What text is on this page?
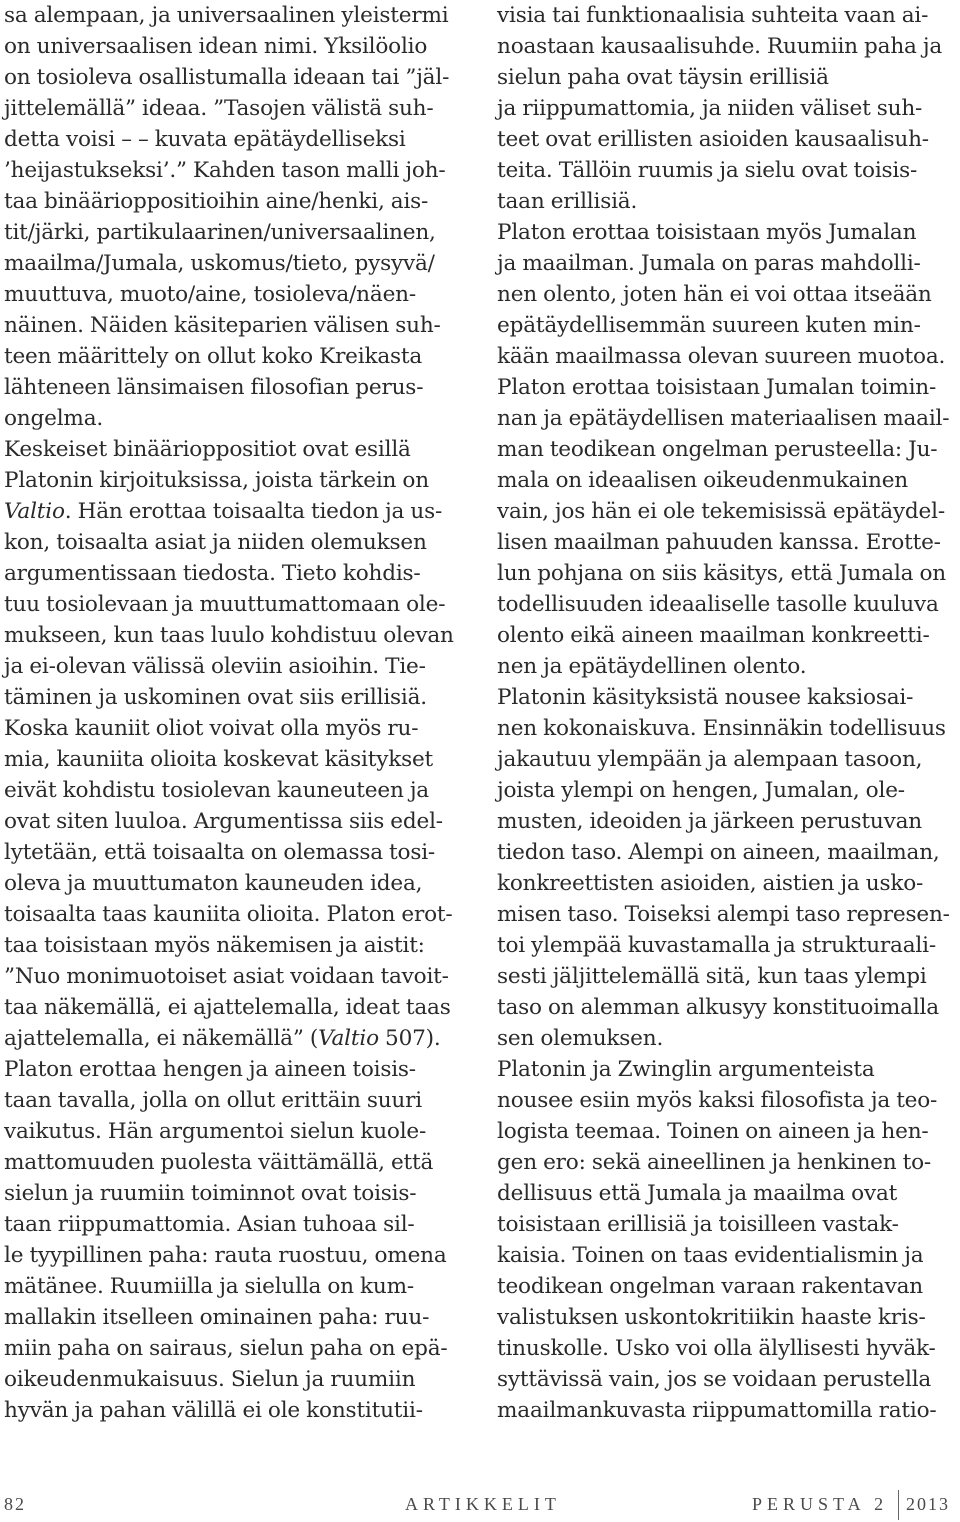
sa alempaan, ja universaalinen yleistermi
on universaalisen idean nimi. Yksilöolio
on tosioleva osallistumalla ideaan tai ”jäl-
jittelemällä” ideaa. ”Tasojen välistä suh-
detta voisi – – kuvata epätäydelliseksi
’heijastukseksi’.” Kahden tason malli joh-
taa binäärioppositioihin aine/henki, ais-
tit/järki, partikulaarinen/universaalinen,
maailma/Jumala, uskomus/tieto, pysyvä/
muuttuva, muoto/aine, tosioleva/näen-
näinen. Näiden käsiteparien välisen suh-
teen määrittely on ollut koko Kreikasta
lähteneen länsimaisen filosofian perus-
ongelma.
Keskeiset binäärioppositiot ovat esillä
Platonin kirjoituksissa, joista tärkein on
Valtio. Hän erottaa toisaalta tiedon ja us-
kon, toisaalta asiat ja niiden olemuksen
argumentissaan tiedosta. Tieto kohdis-
tuu tosiolevaan ja muuttumattomaan ole-
mukseen, kun taas luulo kohdistuu olevan
ja ei-olevan välissä oleviin asioihin. Tie-
täminen ja uskominen ovat siis erillisiä.
Koska kauniit oliot voivat olla myös ru-
mia, kauniita olioita koskevat käsitykset
eivät kohdistu tosiolevan kauneuteen ja
ovat siten luuloa. Argumentissa siis edel-
lytetään, että toisaalta on olemassa tosi-
oleva ja muuttumaton kauneuden idea,
toisaalta taas kauniita olioita. Platon erot-
taa toisistaan myös näkemisen ja aistit:
”Nuo monimuotoiset asiat voidaan tavoit-
taa näkemällä, ei ajattelemalla, ideat taas
ajattelemalla, ei näkemällä” (Valtio 507).
Platon erottaa hengen ja aineen toisis-
taan tavalla, jolla on ollut erittäin suuri
vaikutus. Hän argumentoi sielun kuole-
mattomuuden puolesta väittämällä, että
sielun ja ruumiin toiminnot ovat toisis-
taan riippumattomia. Asian tuhoaa sil-
le tyypillinen paha: rauta ruostuu, omena
mätänee. Ruumiilla ja sielulla on kum-
mallakin itselleen ominainen paha: ruu-
miin paha on sairaus, sielun paha on epä-
oikeudenmukaisuus. Sielun ja ruumiin
hyvän ja pahan välillä ei ole konstitutii-
visia tai funktionaalisia suhteita vaan ai-
noastaan kausaalisuhde. Ruumiin paha ja
sielun paha ovat täysin erillisiä
ja riippumattomia, ja niiden väliset suh-
teet ovat erillisten asioiden kausaalisuh-
teita. Tällöin ruumis ja sielu ovat toisis-
taan erillisiä.
Platon erottaa toisistaan myös Jumalan
ja maailman. Jumala on paras mahdolli-
nen olento, joten hän ei voi ottaa itseään
epätäydellisemmän suureen kuten min-
kään maailmassa olevan suureen muotoa.
Platon erottaa toisistaan Jumalan toimin-
nan ja epätäydellisen materiaalisen maail-
man teodikean ongelman perusteella: Ju-
mala on ideaalisen oikeudenmukainen
vain, jos hän ei ole tekemisissä epätäydel-
lisen maailman pahuuden kanssa. Erotte-
lun pohjana on siis käsitys, että Jumala on
todellisuuden ideaaliselle tasolle kuuluva
olento eikä aineen maailman konkreetti-
nen ja epätäydellinen olento.
Platonin käsityksistä nousee kaksiosai-
nen kokonaiskuva. Ensinnäkin todellisuus
jakautuu ylempään ja alempaan tasoon,
joista ylempi on hengen, Jumalan, ole-
musten, ideoiden ja järkeen perustuvan
tiedon taso. Alempi on aineen, maailman,
konkreettisten asioiden, aistien ja usko-
misen taso. Toiseksi alempi taso represen-
toi ylempää kuvastamalla ja strukturaali-
sesti jäljittelemällä sitä, kun taas ylempi
taso on alemman alkusyy konstituoimalla
sen olemuksen.
Platonin ja Zwinglin argumenteista
nousee esiin myös kaksi filosofista ja teo-
logista teemaa. Toinen on aineen ja hen-
gen ero: sekä aineellinen ja henkinen to-
dellisuus että Jumala ja maailma ovat
toisistaan erillisiä ja toisilleen vastak-
kaisia. Toinen on taas evidentialismin ja
teodikean ongelman varaan rakentavan
valistuksen uskontokritiikin haaste kris-
tinuskolle. Usko voi olla älyllisesti hyväk-
syttävissä vain, jos se voidaan perustella
maailmankuvasta riippumattomilla ratio-
82	ARTIKKELIT	PERUSTA 2 2013
